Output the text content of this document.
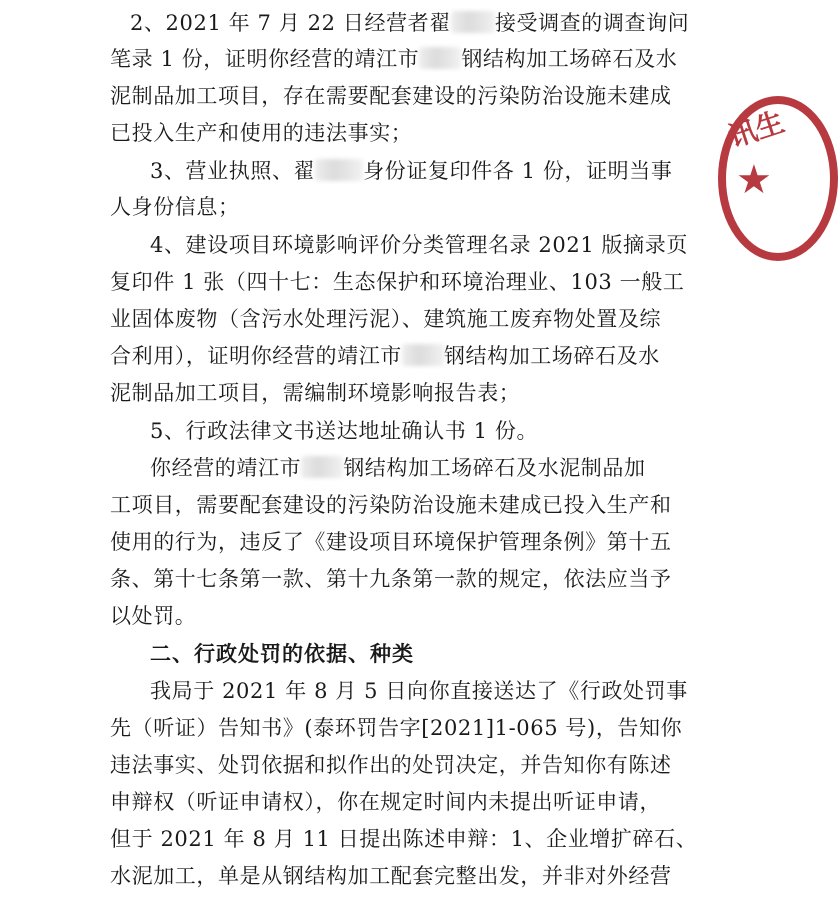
2、2021 年 7 月 22 日经营者翟 接受调查的调查询问
笔录 1 份，证明你经营的靖江市 钢结构加工场碎石及水
泥制品加工项目，存在需要配套建设的污染防治设施未建成
已投入生产和使用的违法事实；
3、营业执照、翟 身份证复印件各 1 份，证明当事
人身份信息；
4、建设项目环境影响评价分类管理名录 2021 版摘录页
复印件 1 张（四十七：生态保护和环境治理业、103 一般工
业固体废物（含污水处理污泥）、建筑施工废弃物处置及综
合利用），证明你经营的靖江市 钢结构加工场碎石及水
泥制品加工项目，需编制环境影响报告表；
5、行政法律文书送达地址确认书 1 份。
你经营的靖江市 钢结构加工场碎石及水泥制品加
工项目，需要配套建设的污染防治设施未建成已投入生产和
使用的行为，违反了《建设项目环境保护管理条例》第十五
条、第十七条第一款、第十九条第一款的规定，依法应当予
以处罚。
二、行政处罚的依据、种类
我局于 2021 年 8 月 5 日向你直接送达了《行政处罚事
先（听证）告知书》(泰环罚告字[2021]1-065 号)，告知你
违法事实、处罚依据和拟作出的处罚决定，并告知你有陈述
申辩权（听证申请权），你在规定时间内未提出听证申请，
但于 2021 年 8 月 11 日提出陈述申辩：1、企业增扩碎石、
水泥加工，单是从钢结构加工配套完整出发，并非对外经营
讯生
★
